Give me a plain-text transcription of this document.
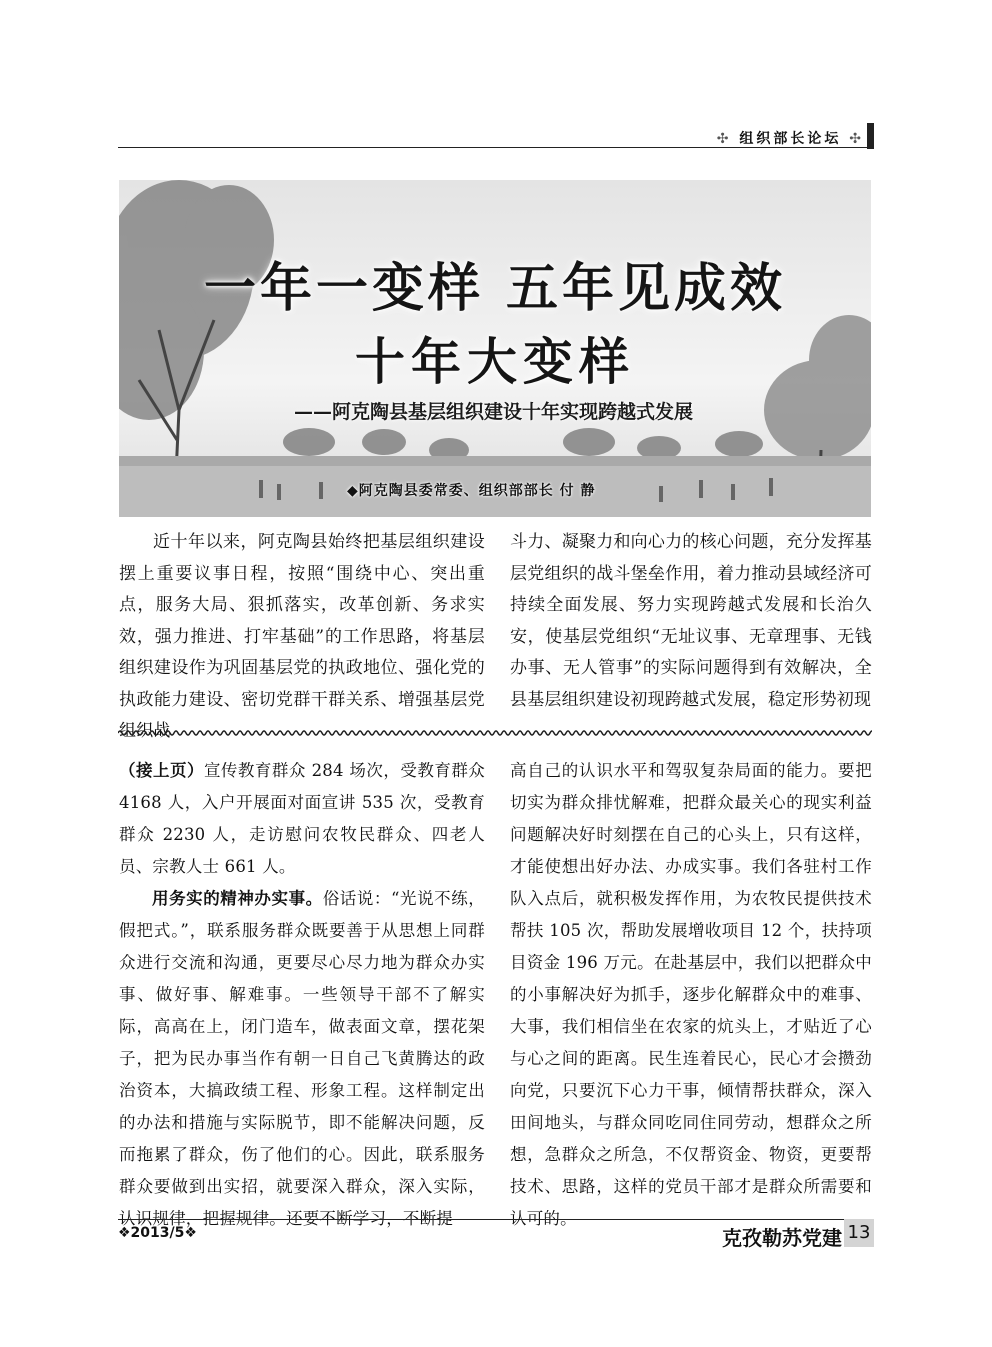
✣ 组织部长论坛 ✣
一年一变样 五年见成效
十年大变样
——阿克陶县基层组织建设十年实现跨越式发展
◆阿克陶县委常委、组织部部长 付 静

近十年以来，阿克陶县始终把基层组织建设摆上重要议事日程，按照“围绕中心、突出重点，服务大局、狠抓落实，改革创新、务求实效，强力推进、打牢基础”的工作思路，将基层组织建设作为巩固基层党的执政地位、强化党的执政能力建设、密切党群干群关系、增强基层党组织战

斗力、凝聚力和向心力的核心问题，充分发挥基层党组织的战斗堡垒作用，着力推动县域经济可持续全面发展、努力实现跨越式发展和长治久安，使基层党组织“无址议事、无章理事、无钱办事、无人管事”的实际问题得到有效解决，全县基层组织建设初现跨越式发展，稳定形势初现

（接上页）宣传教育群众 284 场次，受教育群众 4168 人，入户开展面对面宣讲 535 次，受教育群众 2230 人，走访慰问农牧民群众、四老人员、宗教人士 661 人。

用务实的精神办实事。俗话说：“光说不练，假把式。”，联系服务群众既要善于从思想上同群众进行交流和沟通，更要尽心尽力地为群众办实事、做好事、解难事。一些领导干部不了解实际，高高在上，闭门造车，做表面文章，摆花架子，把为民办事当作有朝一日自己飞黄腾达的政治资本，大搞政绩工程、形象工程。这样制定出的办法和措施与实际脱节，即不能解决问题，反而拖累了群众，伤了他们的心。因此，联系服务群众要做到出实招，就要深入群众，深入实际，认识规律，把握规律。还要不断学习，不断提

高自己的认识水平和驾驭复杂局面的能力。要把切实为群众排忧解难，把群众最关心的现实利益问题解决好时刻摆在自己的心头上，只有这样，才能使想出好办法、办成实事。我们各驻村工作队入点后，就积极发挥作用，为农牧民提供技术帮扶 105 次，帮助发展增收项目 12 个，扶持项目资金 196 万元。在赴基层中，我们以把群众中的小事解决好为抓手，逐步化解群众中的难事、大事，我们相信坐在农家的炕头上，才贴近了心与心之间的距离。民生连着民心，民心才会攒劲向党，只要沉下心力干事，倾情帮扶群众，深入田间地头，与群众同吃同住同劳动，想群众之所想，急群众之所急，不仅帮资金、物资，更要帮技术、思路，这样的党员干部才是群众所需要和认可的。

❖2013/5❖	克孜勒苏党建 13
